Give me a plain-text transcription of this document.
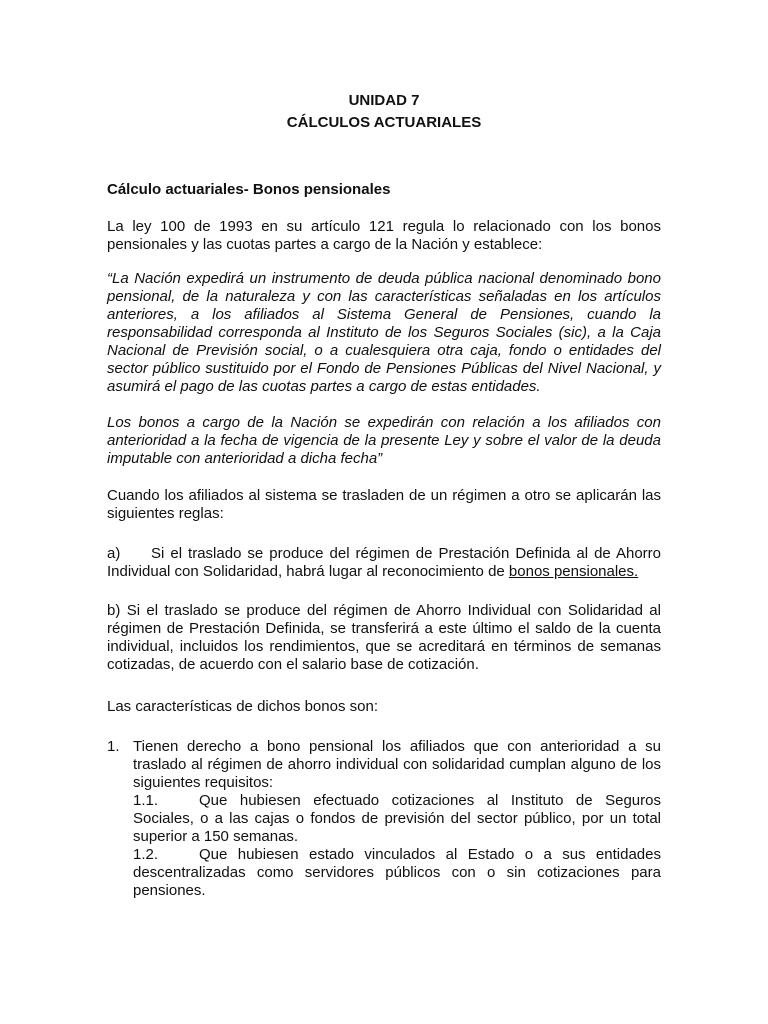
UNIDAD 7
CÁLCULOS ACTUARIALES
Cálculo actuariales- Bonos pensionales
La ley 100 de 1993 en su artículo 121 regula lo relacionado con los bonos pensionales y las cuotas partes a cargo de la Nación y establece:
“La Nación expedirá un instrumento de deuda pública nacional denominado bono pensional, de la naturaleza y con las características señaladas en los artículos anteriores, a los afiliados al Sistema General de Pensiones, cuando la responsabilidad corresponda al Instituto de los Seguros Sociales (sic), a la Caja Nacional de Previsión social, o a cualesquiera otra caja, fondo o entidades del sector público sustituido por el Fondo de Pensiones Públicas del Nivel Nacional, y asumirá el pago de las cuotas partes a cargo de estas entidades.
Los bonos a cargo de la Nación se expedirán con relación a los afiliados con anterioridad a la fecha de vigencia de la presente Ley y sobre el valor de la deuda imputable con anterioridad a dicha fecha”
Cuando los afiliados al sistema se trasladen de un régimen a otro se aplicarán las siguientes reglas:
a) Si el traslado se produce del régimen de Prestación Definida al de Ahorro Individual con Solidaridad, habrá lugar al reconocimiento de bonos pensionales.
b) Si el traslado se produce del régimen de Ahorro Individual con Solidaridad al régimen de Prestación Definida, se transferirá a este último el saldo de la cuenta individual, incluidos los rendimientos, que se acreditará en términos de semanas cotizadas, de acuerdo con el salario base de cotización.
Las características de dichos bonos son:
1. Tienen derecho a bono pensional los afiliados que con anterioridad a su traslado al régimen de ahorro individual con solidaridad cumplan alguno de los siguientes requisitos:
1.1.	Que hubiesen efectuado cotizaciones al Instituto de Seguros Sociales, o a las cajas o fondos de previsión del sector público, por un total superior a 150 semanas.
1.2.	Que hubiesen estado vinculados al Estado o a sus entidades descentralizadas como servidores públicos con o sin cotizaciones para pensiones.
